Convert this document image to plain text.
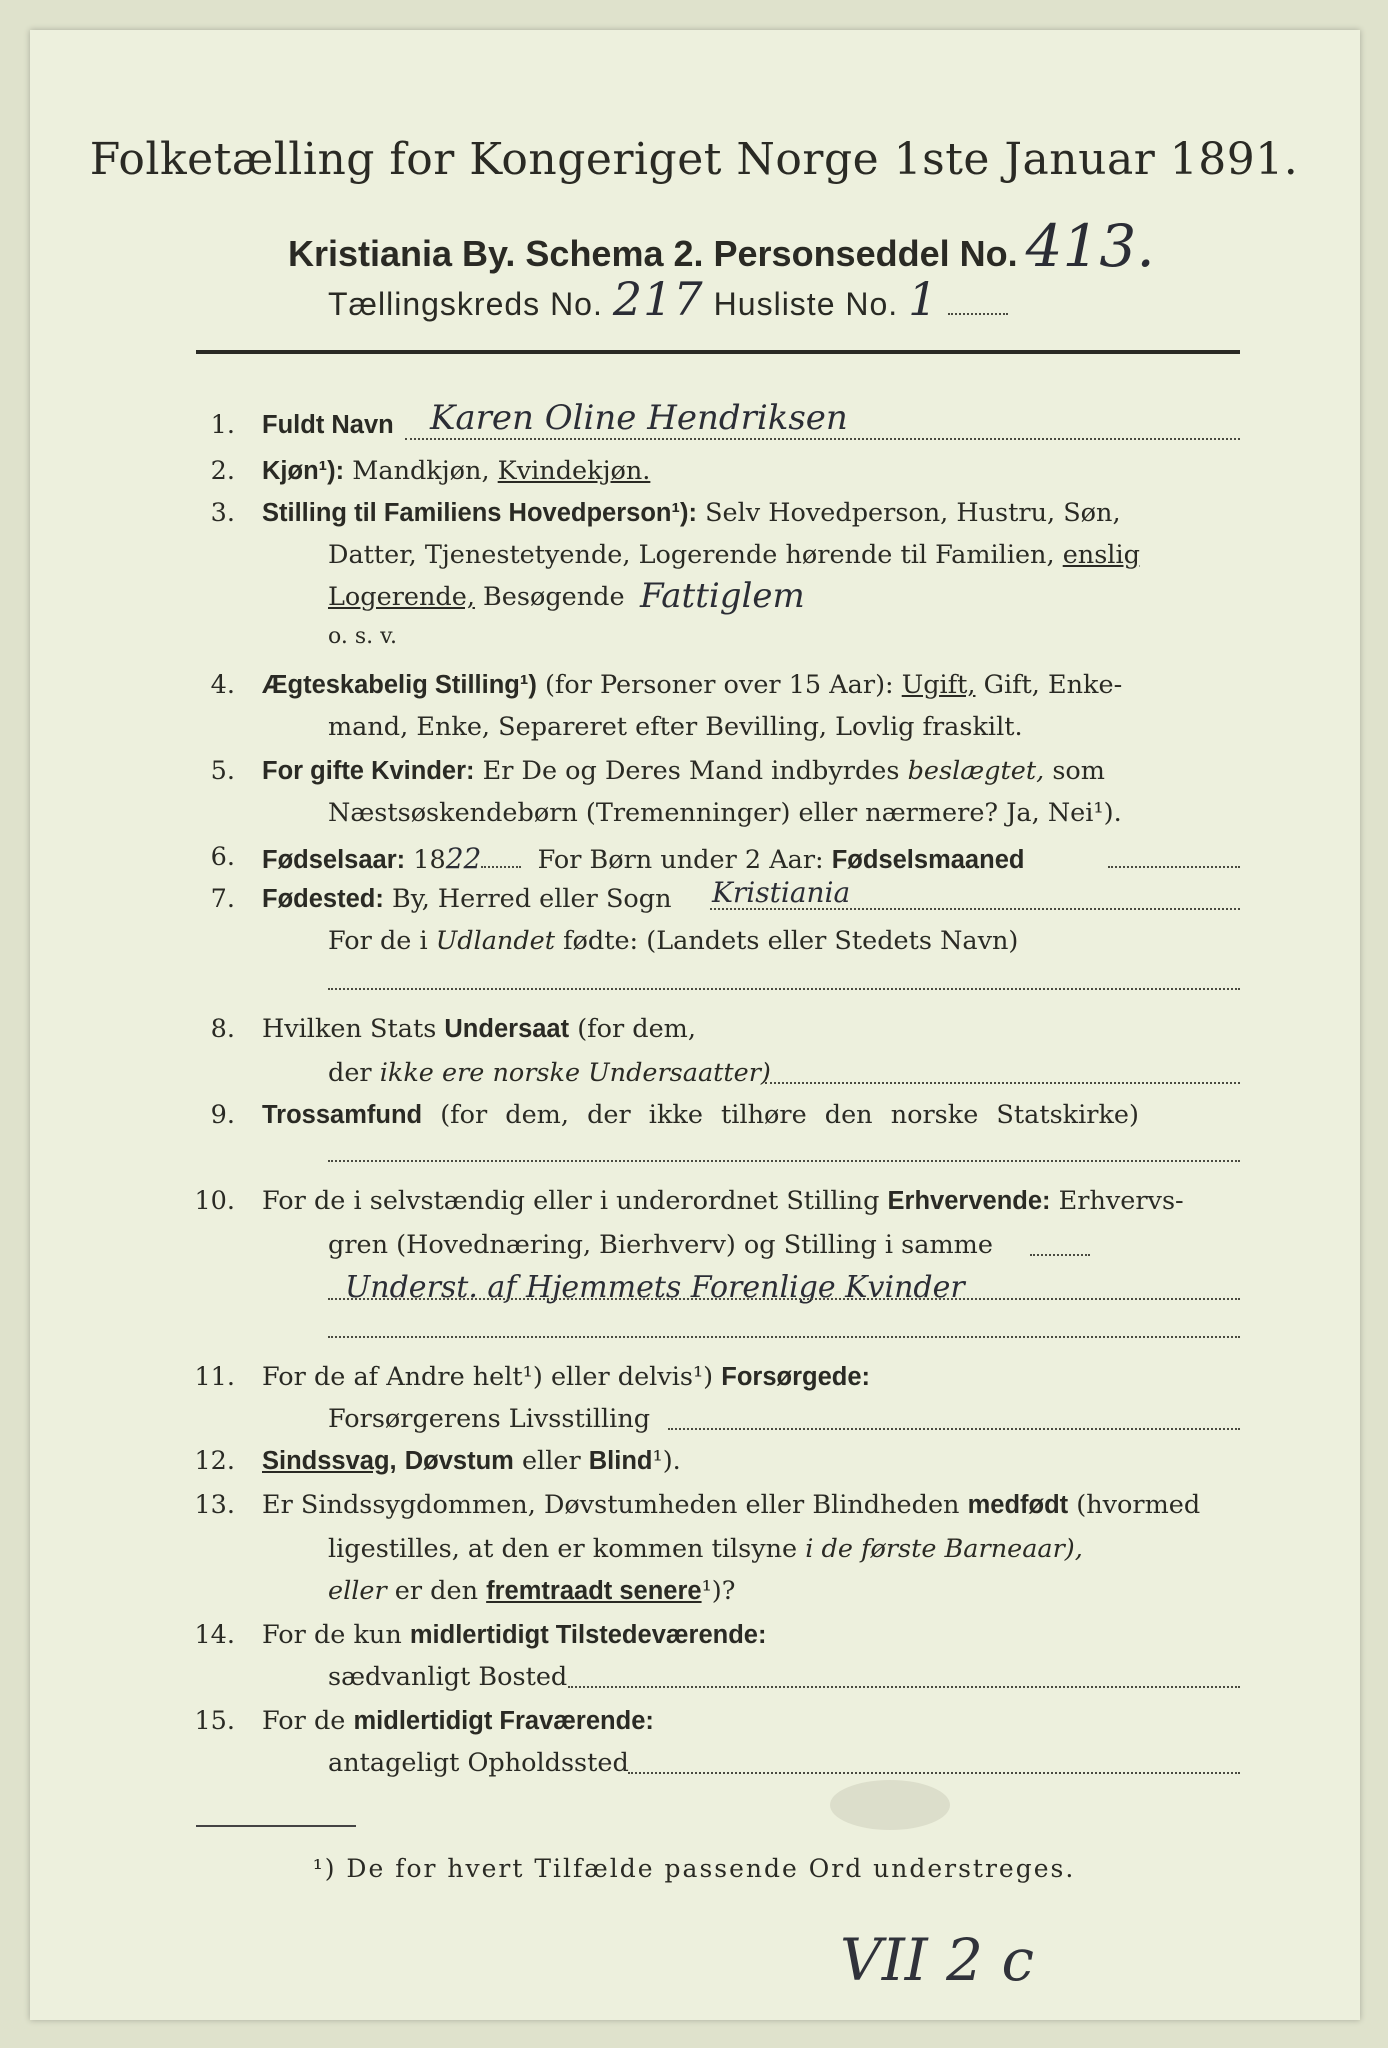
Folketælling for Kongeriget Norge 1ste Januar 1891.
Kristiania By. Schema 2. Personseddel No. 413.
Tællingskreds No. 217 Husliste No. 1
1. Fuldt Navn Karen Oline Hendriksen
2. Kjøn¹): Mandkjøn, Kvindekjøn.
3. Stilling til Familiens Hovedperson¹): Selv Hovedperson, Hustru, Søn,
Datter, Tjenestetyende, Logerende hørende til Familien, enslig
Logerende, Besøgende Fattiglem
o. s. v.
4. Ægteskabelig Stilling¹) (for Personer over 15 Aar): Ugift, Gift, Enke-
mand, Enke, Separeret efter Bevilling, Lovlig fraskilt.
5. For gifte Kvinder: Er De og Deres Mand indbyrdes beslægtet, som
Næstsøskendebørn (Tremenninger) eller nærmere? Ja, Nei¹).
6. Fødselsaar: 1822 For Børn under 2 Aar: Fødselsmaaned
7. Fødested: By, Herred eller Sogn Kristiania
For de i Udlandet fødte: (Landets eller Stedets Navn)
8. Hvilken Stats Undersaat (for dem,
der ikke ere norske Undersaatter)
9. Trossamfund (for dem, der ikke tilhøre den norske Statskirke)
10. For de i selvstændig eller i underordnet Stilling Erhvervende: Erhvervs-
gren (Hovednæring, Bierhverv) og Stilling i samme
Underst. af Hjemmets Forenlige Kvinder
11. For de af Andre helt¹) eller delvis¹) Forsørgede:
Forsørgerens Livsstilling
12. Sindssvag, Døvstum eller Blind¹).
13. Er Sindssygdommen, Døvstumheden eller Blindheden medfødt (hvormed
ligestilles, at den er kommen tilsyne i de første Barneaar),
eller er den fremtraadt senere¹)?
14. For de kun midlertidigt Tilstedeværende:
sædvanligt Bosted
15. For de midlertidigt Fraværende:
antageligt Opholdssted
¹) De for hvert Tilfælde passende Ord understreges.
VII 2 c
